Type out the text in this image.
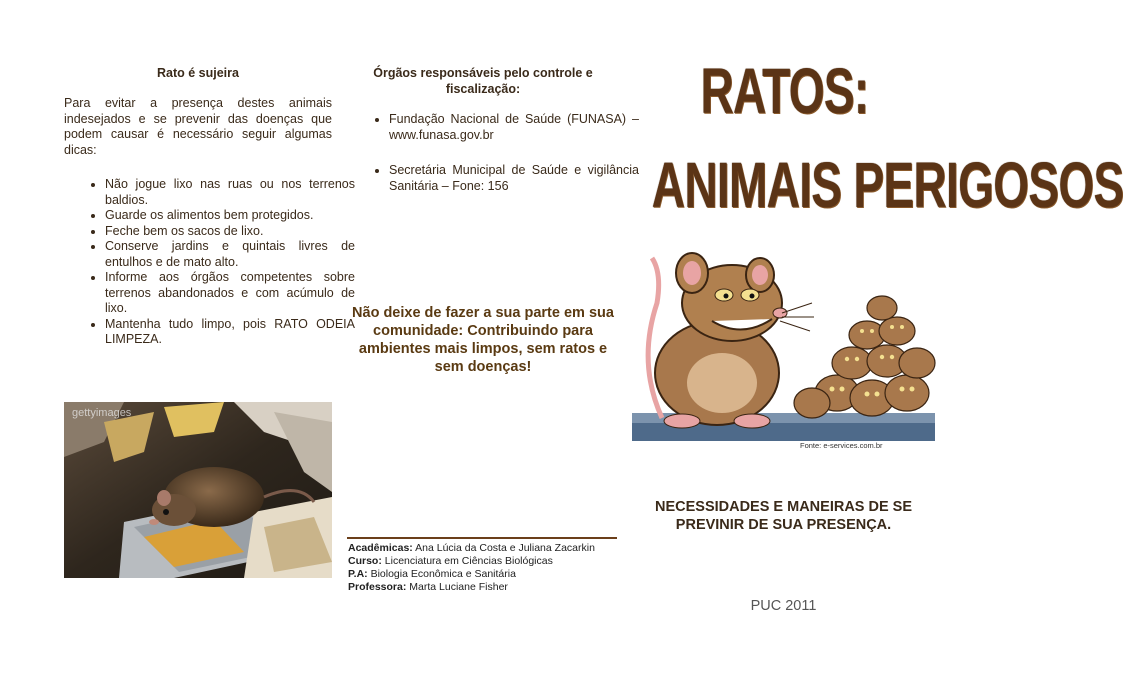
Rato é sujeira
Para evitar a presença destes animais indesejados e se prevenir das doenças que podem causar é necessário seguir algumas dicas:
• Não jogue lixo nas ruas ou nos terrenos baldios.
• Guarde os alimentos bem protegidos.
• Feche bem os sacos de lixo.
• Conserve jardins e quintais livres de entulhos e de mato alto.
• Informe aos órgãos competentes sobre terrenos abandonados e com acúmulo de lixo.
• Mantenha tudo limpo, pois RATO ODEIA LIMPEZA.
gettyimages
Órgãos responsáveis pelo controle e fiscalização:
• Fundação Nacional de Saúde (FUNASA) – www.funasa.gov.br
• Secretária Municipal de Saúde e vigilância Sanitária – Fone: 156
Não deixe de fazer a sua parte em sua comunidade: Contribuindo para ambientes mais limpos, sem ratos e sem doenças!
Acadêmicas: Ana Lúcia da Costa e Juliana Zacarkin
Curso: Licenciatura em Ciências Biológicas
P.A: Biologia Econômica e Sanitária
Professora: Marta Luciane Fisher
RATOS:
ANIMAIS PERIGOSOS
Fonte: e-services.com.br
NECESSIDADES E MANEIRAS DE SE PREVINIR DE SUA PRESENÇA.
PUC 2011
